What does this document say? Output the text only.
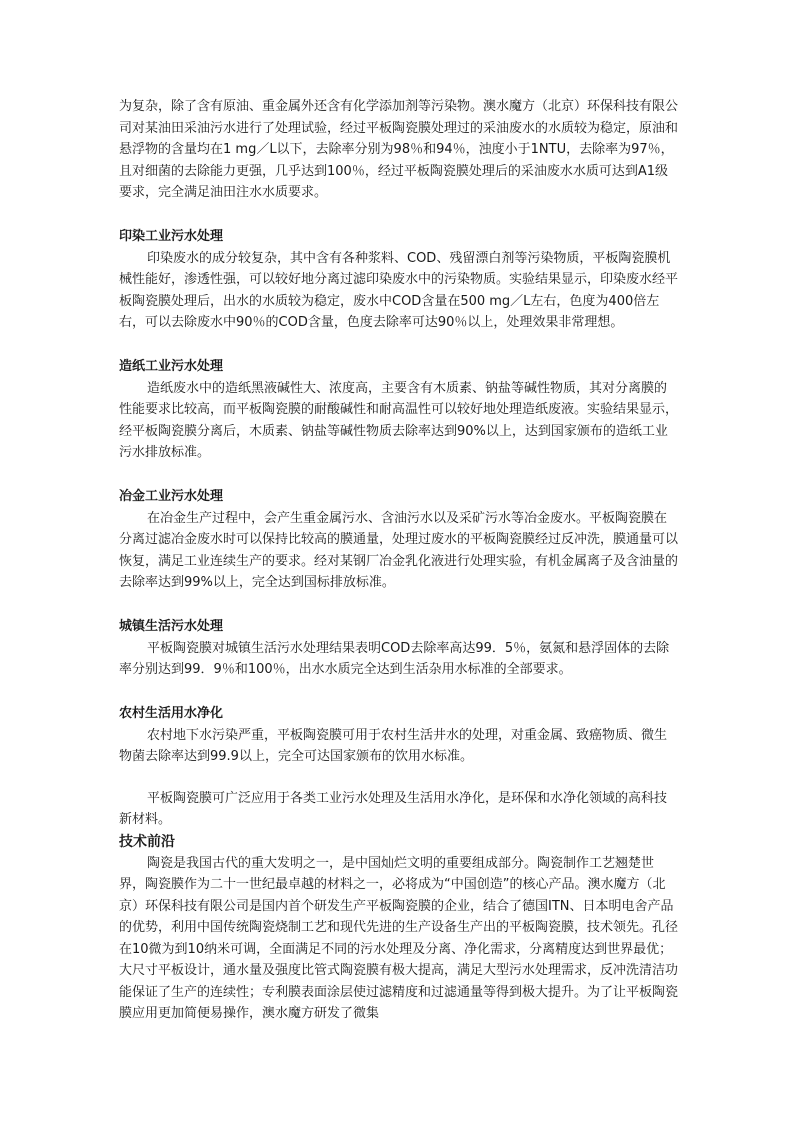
为复杂，除了含有原油、重金属外还含有化学添加剂等污染物。澳水魔方（北京）环保科技有限公司对某油田采油污水进行了处理试验，经过平板陶瓷膜处理过的采油废水的水质较为稳定，原油和悬浮物的含量均在1 mg／L以下，去除率分别为98％和94％，浊度小于1NTU，去除率为97％，且对细菌的去除能力更强，几乎达到100％，经过平板陶瓷膜处理后的采油废水水质可达到A1级要求，完全满足油田注水水质要求。

印染工业污水处理

印染废水的成分较复杂，其中含有各种浆料、COD、残留漂白剂等污染物质，平板陶瓷膜机械性能好，渗透性强，可以较好地分离过滤印染废水中的污染物质。实验结果显示，印染废水经平板陶瓷膜处理后，出水的水质较为稳定，废水中COD含量在500 mg／L左右，色度为400倍左右，可以去除废水中90％的COD含量，色度去除率可达90％以上，处理效果非常理想。

造纸工业污水处理

造纸废水中的造纸黑液碱性大、浓度高，主要含有木质素、钠盐等碱性物质，其对分离膜的性能要求比较高，而平板陶瓷膜的耐酸碱性和耐高温性可以较好地处理造纸废液。实验结果显示，经平板陶瓷膜分离后，木质素、钠盐等碱性物质去除率达到90%以上，达到国家颁布的造纸工业污水排放标准。

冶金工业污水处理

在冶金生产过程中，会产生重金属污水、含油污水以及采矿污水等冶金废水。平板陶瓷膜在分离过滤冶金废水时可以保持比较高的膜通量，处理过废水的平板陶瓷膜经过反冲洗，膜通量可以恢复，满足工业连续生产的要求。经对某钢厂冶金乳化液进行处理实验，有机金属离子及含油量的去除率达到99%以上，完全达到国标排放标准。

城镇生活污水处理

平板陶瓷膜对城镇生活污水处理结果表明COD去除率高达99．5％，氨氮和悬浮固体的去除率分别达到99．9％和100％，出水水质完全达到生活杂用水标准的全部要求。

农村生活用水净化

农村地下水污染严重，平板陶瓷膜可用于农村生活井水的处理，对重金属、致癌物质、微生物菌去除率达到99.9以上，完全可达国家颁布的饮用水标准。

平板陶瓷膜可广泛应用于各类工业污水处理及生活用水净化，是环保和水净化领域的高科技新材料。

技术前沿

陶瓷是我国古代的重大发明之一，是中国灿烂文明的重要组成部分。陶瓷制作工艺翘楚世界，陶瓷膜作为二十一世纪最卓越的材料之一，必将成为“中国创造”的核心产品。澳水魔方（北京）环保科技有限公司是国内首个研发生产平板陶瓷膜的企业，结合了德国ITN、日本明电舍产品的优势，利用中国传统陶瓷烧制工艺和现代先进的生产设备生产出的平板陶瓷膜，技术领先。孔径在10微为到10纳米可调，全面满足不同的污水处理及分离、净化需求，分离精度达到世界最优；大尺寸平板设计，通水量及强度比管式陶瓷膜有极大提高，满足大型污水处理需求，反冲洗清洁功能保证了生产的连续性；专利膜表面涂层使过滤精度和过滤通量等得到极大提升。为了让平板陶瓷膜应用更加简便易操作，澳水魔方研发了微集
